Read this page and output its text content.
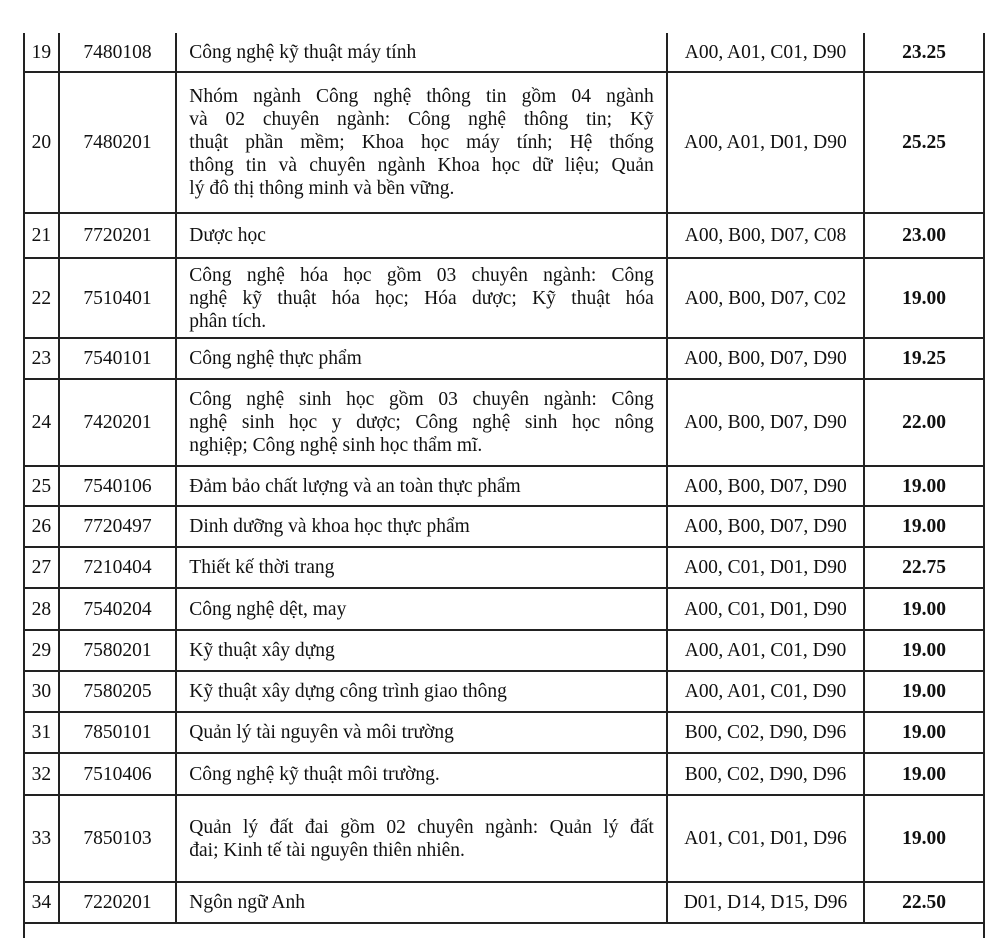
19	7480108	Công nghệ kỹ thuật máy tính	A00, A01, C01, D90	23.25
20	7480201	Nhóm ngành Công nghệ thông tin gồm 04 ngành
và 02 chuyên ngành: Công nghệ thông tin; Kỹ
thuật phần mềm; Khoa học máy tính; Hệ thống
thông tin và chuyên ngành Khoa học dữ liệu; Quản
lý đô thị thông minh và bền vững.	A00, A01, D01, D90	25.25
21	7720201	Dược học	A00, B00, D07, C08	23.00
22	7510401	Công nghệ hóa học gồm 03 chuyên ngành: Công
nghệ kỹ thuật hóa học; Hóa dược; Kỹ thuật hóa
phân tích.	A00, B00, D07, C02	19.00
23	7540101	Công nghệ thực phẩm	A00, B00, D07, D90	19.25
24	7420201	Công nghệ sinh học gồm 03 chuyên ngành: Công
nghệ sinh học y dược; Công nghệ sinh học nông
nghiệp; Công nghệ sinh học thẩm mĩ.	A00, B00, D07, D90	22.00
25	7540106	Đảm bảo chất lượng và an toàn thực phẩm	A00, B00, D07, D90	19.00
26	7720497	Dinh dưỡng và khoa học thực phẩm	A00, B00, D07, D90	19.00
27	7210404	Thiết kế thời trang	A00, C01, D01, D90	22.75
28	7540204	Công nghệ dệt, may	A00, C01, D01, D90	19.00
29	7580201	Kỹ thuật xây dựng	A00, A01, C01, D90	19.00
30	7580205	Kỹ thuật xây dựng công trình giao thông	A00, A01, C01, D90	19.00
31	7850101	Quản lý tài nguyên và môi trường	B00, C02, D90, D96	19.00
32	7510406	Công nghệ kỹ thuật môi trường.	B00, C02, D90, D96	19.00
33	7850103	Quản lý đất đai gồm 02 chuyên ngành: Quản lý đất
đai; Kinh tế tài nguyên thiên nhiên.	A01, C01, D01, D96	19.00
34	7220201	Ngôn ngữ Anh	D01, D14, D15, D96	22.50
